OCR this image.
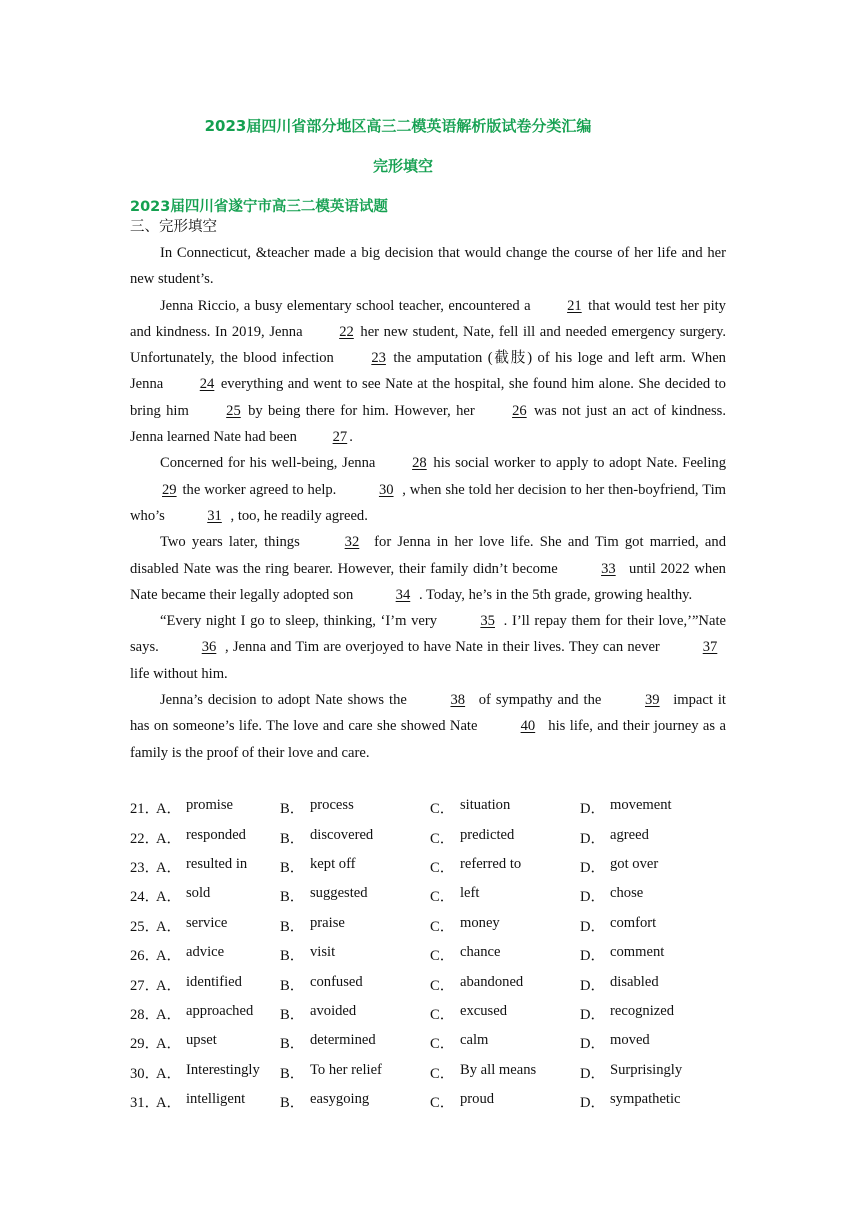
2023届四川省部分地区高三二模英语解析版试卷分类汇编
完形填空
2023届四川省遂宁市高三二模英语试题
三、完形填空

In Connecticut, &teacher made a big decision that would change the course of her life and her new student’s.

Jenna Riccio, a busy elementary school teacher, encountered a 21 that would test her pity and kindness. In 2019, Jenna 22 her new student, Nate, fell ill and needed emergency surgery. Unfortunately, the blood infection 23 the amputation (截肢) of his loge and left arm. When Jenna 24 everything and went to see Nate at the hospital, she found him alone. She decided to bring him 25 by being there for him. However, her 26 was not just an act of kindness. Jenna learned Nate had been 27 .

Concerned for his well-being, Jenna 28 his social worker to apply to adopt Nate. Feeling 29 the worker agreed to help.	30 , when she told her decision to her then-boyfriend, Tim who’s	31 , too, he readily agreed.

Two years later, things	32 for Jenna in her love life. She and Tim got married, and disabled Nate was the ring bearer. However, their family didn’t become	33 until 2022 when Nate became their legally adopted son	34 . Today, he’s in the 5th grade, growing healthy.

“Every night I go to sleep, thinking, ‘I’m very	35 . I’ll repay them for their love,’”Nate says.	36 , Jenna and Tim are overjoyed to have Nate in their lives. They can never	37 life without him.

Jenna’s decision to adopt Nate shows the	38 of sympathy and the	39 impact it has on someone’s life. The love and care she showed Nate	40 his life, and their journey as a family is the proof of their love and care.

21．
A． promise	B． process	C． situation	D． movement
22．
A． responded B． discovered	C． predicted	D． agreed
23．
A． resulted in B． kept off	C． referred to	D． got over
24．
A． sold	B． suggested	C． left	D． chose
25．
A． service	B． praise	C． money	D． comfort
26．
A． advice	B． visit	C． chance	D． comment
27．
A． identified	B． confused	C． abandoned	D． disabled
28．
A． approached B． avoided	C． excused	D． recognized
29．
A． upset	B． determined	C． calm	D． moved
30．
A． Interestingly B． To her relief	C． By all means	D． Surprisingly
31．
A． intelligent B． easygoing	C． proud	D． sympathetic
